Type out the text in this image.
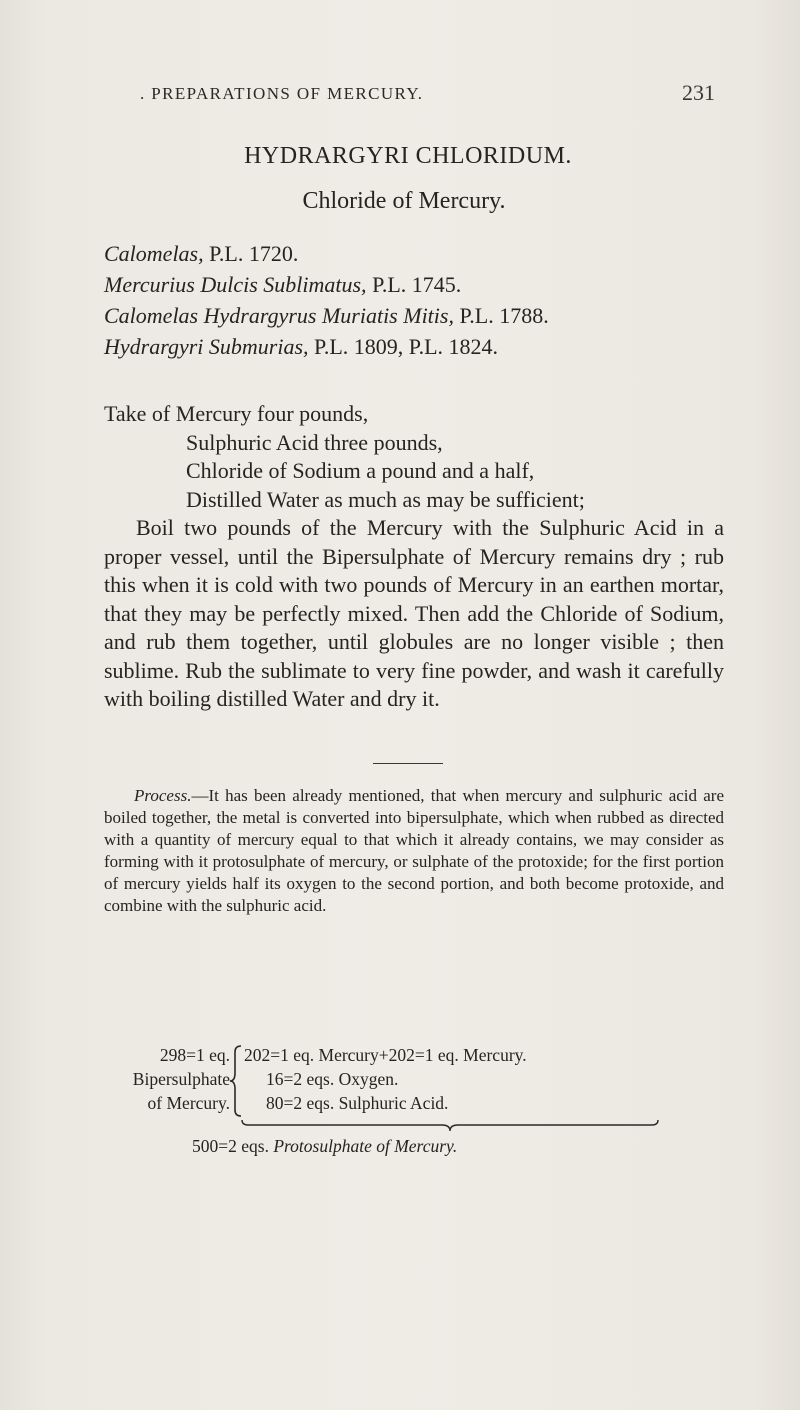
. PREPARATIONS OF MERCURY.	231
HYDRARGYRI CHLORIDUM.
Chloride of Mercury.
Calomelas, P.L. 1720.
Mercurius Dulcis Sublimatus, P.L. 1745.
Calomelas Hydrargyrus Muriatis Mitis, P.L. 1788.
Hydrargyri Submurias, P.L. 1809, P.L. 1824.
Take of Mercury four pounds,
Sulphuric Acid three pounds,
Chloride of Sodium a pound and a half,
Distilled Water as much as may be sufficient;

Boil two pounds of the Mercury with the Sulphuric Acid in a proper vessel, until the Bipersulphate of Mercury remains dry ; rub this when it is cold with two pounds of Mercury in an earthen mortar, that they may be perfectly mixed. Then add the Chloride of Sodium, and rub them together, until globules are no longer visible ; then sublime. Rub the sublimate to very fine powder, and wash it carefully with boiling distilled Water and dry it.

Process.—It has been already mentioned, that when mercury and sulphuric acid are boiled together, the metal is converted into bipersulphate, which when rubbed as directed with a quantity of mercury equal to that which it already contains, we may consider as forming with it protosulphate of mercury, or sulphate of the protoxide; for the first portion of mercury yields half its oxygen to the second portion, and both become protoxide, and combine with the sulphuric acid.

298=1 eq.
Bipersulphate
of Mercury.
202=1 eq. Mercury+202=1 eq. Mercury.
16=2 eqs. Oxygen.
80=2 eqs. Sulphuric Acid.
500=2 eqs. Protosulphate of Mercury.
